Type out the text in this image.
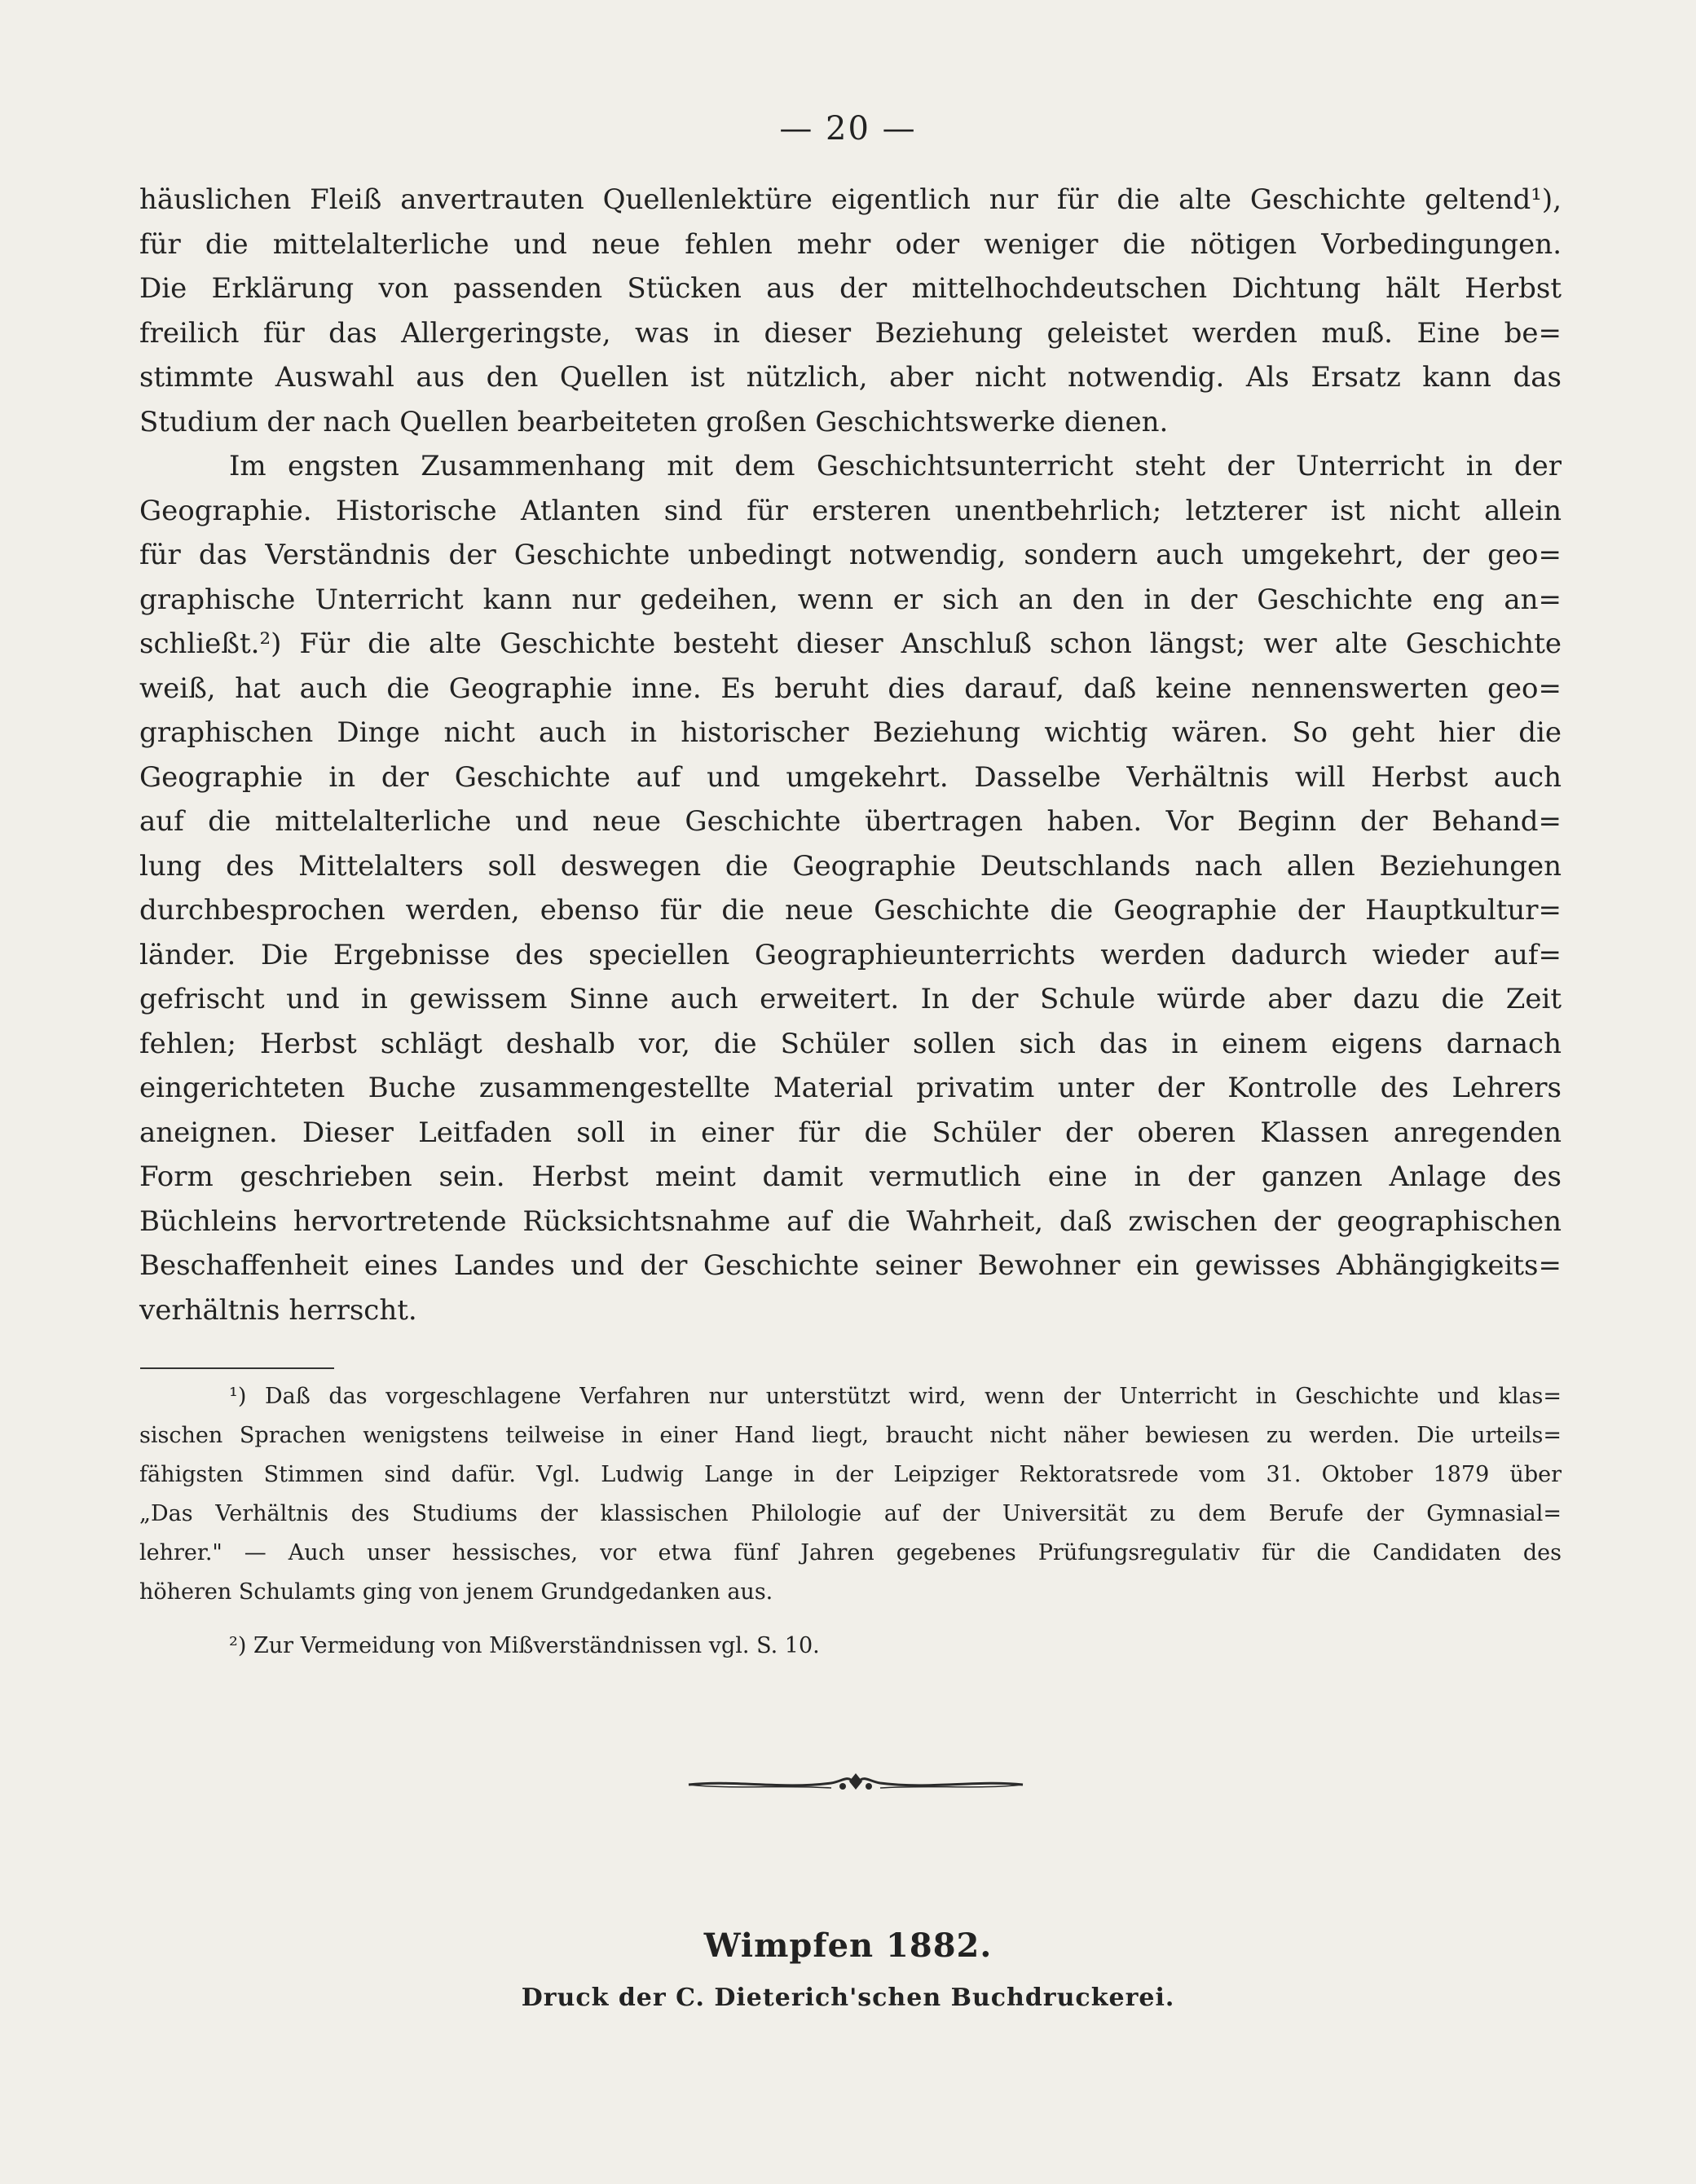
— 20 —
häuslichen Fleiß anvertrauten Quellenlektüre eigentlich nur für die alte Geschichte geltend¹),
für die mittelalterliche und neue fehlen mehr oder weniger die nötigen Vorbedingungen.
Die Erklärung von passenden Stücken aus der mittelhochdeutschen Dichtung hält Herbst
freilich für das Allergeringste, was in dieser Beziehung geleistet werden muß. Eine be=
stimmte Auswahl aus den Quellen ist nützlich, aber nicht notwendig. Als Ersatz kann das
Studium der nach Quellen bearbeiteten großen Geschichtswerke dienen.
Im engsten Zusammenhang mit dem Geschichtsunterricht steht der Unterricht in der
Geographie. Historische Atlanten sind für ersteren unentbehrlich; letzterer ist nicht allein
für das Verständnis der Geschichte unbedingt notwendig, sondern auch umgekehrt, der geo=
graphische Unterricht kann nur gedeihen, wenn er sich an den in der Geschichte eng an=
schließt.²) Für die alte Geschichte besteht dieser Anschluß schon längst; wer alte Geschichte
weiß, hat auch die Geographie inne. Es beruht dies darauf, daß keine nennenswerten geo=
graphischen Dinge nicht auch in historischer Beziehung wichtig wären. So geht hier die
Geographie in der Geschichte auf und umgekehrt. Dasselbe Verhältnis will Herbst auch
auf die mittelalterliche und neue Geschichte übertragen haben. Vor Beginn der Behand=
lung des Mittelalters soll deswegen die Geographie Deutschlands nach allen Beziehungen
durchbesprochen werden, ebenso für die neue Geschichte die Geographie der Hauptkultur=
länder. Die Ergebnisse des speciellen Geographieunterrichts werden dadurch wieder auf=
gefrischt und in gewissem Sinne auch erweitert. In der Schule würde aber dazu die Zeit
fehlen; Herbst schlägt deshalb vor, die Schüler sollen sich das in einem eigens darnach
eingerichteten Buche zusammengestellte Material privatim unter der Kontrolle des Lehrers
aneignen. Dieser Leitfaden soll in einer für die Schüler der oberen Klassen anregenden
Form geschrieben sein. Herbst meint damit vermutlich eine in der ganzen Anlage des
Büchleins hervortretende Rücksichtsnahme auf die Wahrheit, daß zwischen der geographischen
Beschaffenheit eines Landes und der Geschichte seiner Bewohner ein gewisses Abhängigkeits=
verhältnis herrscht.
¹) Daß das vorgeschlagene Verfahren nur unterstützt wird, wenn der Unterricht in Geschichte und klas=
sischen Sprachen wenigstens teilweise in einer Hand liegt, braucht nicht näher bewiesen zu werden. Die urteils=
fähigsten Stimmen sind dafür. Vgl. Ludwig Lange in der Leipziger Rektoratsrede vom 31. Oktober 1879 über
„Das Verhältnis des Studiums der klassischen Philologie auf der Universität zu dem Berufe der Gymnasial=
lehrer." — Auch unser hessisches, vor etwa fünf Jahren gegebenes Prüfungsregulativ für die Candidaten des
höheren Schulamts ging von jenem Grundgedanken aus.
²) Zur Vermeidung von Mißverständnissen vgl. S. 10.
Wimpfen 1882.
Druck der C. Dieterich'schen Buchdruckerei.
